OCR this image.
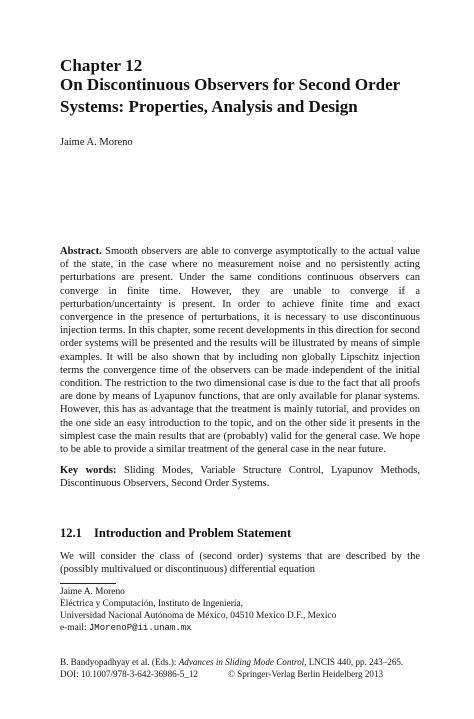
Chapter 12
On Discontinuous Observers for Second Order Systems: Properties, Analysis and Design
Jaime A. Moreno
Abstract. Smooth observers are able to converge asymptotically to the actual value of the state, in the case where no measurement noise and no persistently acting perturbations are present. Under the same conditions continuous observers can converge in finite time. However, they are unable to converge if a perturbation/uncertainty is present. In order to achieve finite time and exact convergence in the presence of perturbations, it is necessary to use discontinuous injection terms. In this chapter, some recent developments in this direction for second order systems will be presented and the results will be illustrated by means of simple examples. It will be also shown that by including non globally Lipschitz injection terms the convergence time of the observers can be made independent of the initial condition. The restriction to the two dimensional case is due to the fact that all proofs are done by means of Lyapunov functions, that are only available for planar systems. However, this has as advantage that the treatment is mainly tutorial, and provides on the one side an easy introduction to the topic, and on the other side it presents in the simplest case the main results that are (probably) valid for the general case. We hope to be able to provide a similar treatment of the general case in the near future.
Key words: Sliding Modes, Variable Structure Control, Lyapunov Methods, Discontinuous Observers, Second Order Systems.
12.1 Introduction and Problem Statement
We will consider the class of (second order) systems that are described by the (possibly multivalued or discontinuous) differential equation
Jaime A. Moreno
Eléctrica y Computación, Instituto de Ingeniería,
Universidad Nacional Autónoma de México, 04510 Mexico D.F., Mexico
e-mail: JMorenoP@ii.unam.mx
B. Bandyopadhyay et al. (Eds.): Advances in Sliding Mode Control, LNCIS 440, pp. 243–265.
DOI: 10.1007/978-3-642-36986-5_12	© Springer-Verlag Berlin Heidelberg 2013
